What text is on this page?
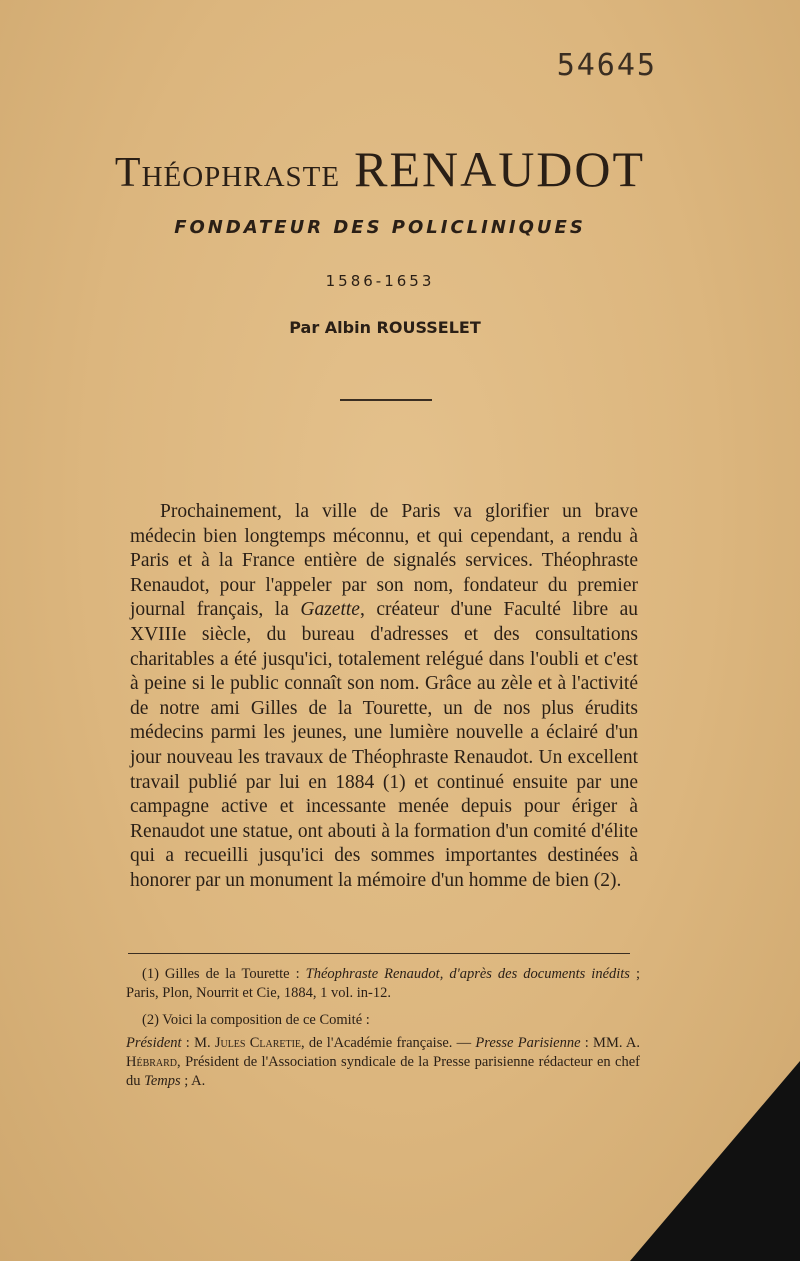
54645
Théophraste RENAUDOT
FONDATEUR DES POLICLINIQUES
1586-1653
Par Albin ROUSSELET

Prochainement, la ville de Paris va glorifier un brave médecin bien longtemps méconnu, et qui cependant, a rendu à Paris et à la France entière de signalés services. Théophraste Renaudot, pour l'appeler par son nom, fondateur du premier journal français, la Gazette, créateur d'une Faculté libre au XVIIIe siècle, du bureau d'adresses et des consultations charitables a été jusqu'ici, totalement relégué dans l'oubli et c'est à peine si le public connaît son nom. Grâce au zèle et à l'activité de notre ami Gilles de la Tourette, un de nos plus érudits médecins parmi les jeunes, une lumière nouvelle a éclairé d'un jour nouveau les travaux de Théophraste Renaudot. Un excellent travail publié par lui en 1884 (1) et continué ensuite par une campagne active et incessante menée depuis pour ériger à Renaudot une statue, ont abouti à la formation d'un comité d'élite qui a recueilli jusqu'ici des sommes importantes destinées à honorer par un monument la mémoire d'un homme de bien (2).

(1) Gilles de la Tourette : Théophraste Renaudot, d'après des documents inédits ; Paris, Plon, Nourrit et Cie, 1884, 1 vol. in-12.

(2) Voici la composition de ce Comité :

Président : M. Jules Claretie, de l'Académie française. — Presse Parisienne : MM. A. Hébrard, Président de l'Association syndicale de la Presse parisienne rédacteur en chef du Temps ; A.
